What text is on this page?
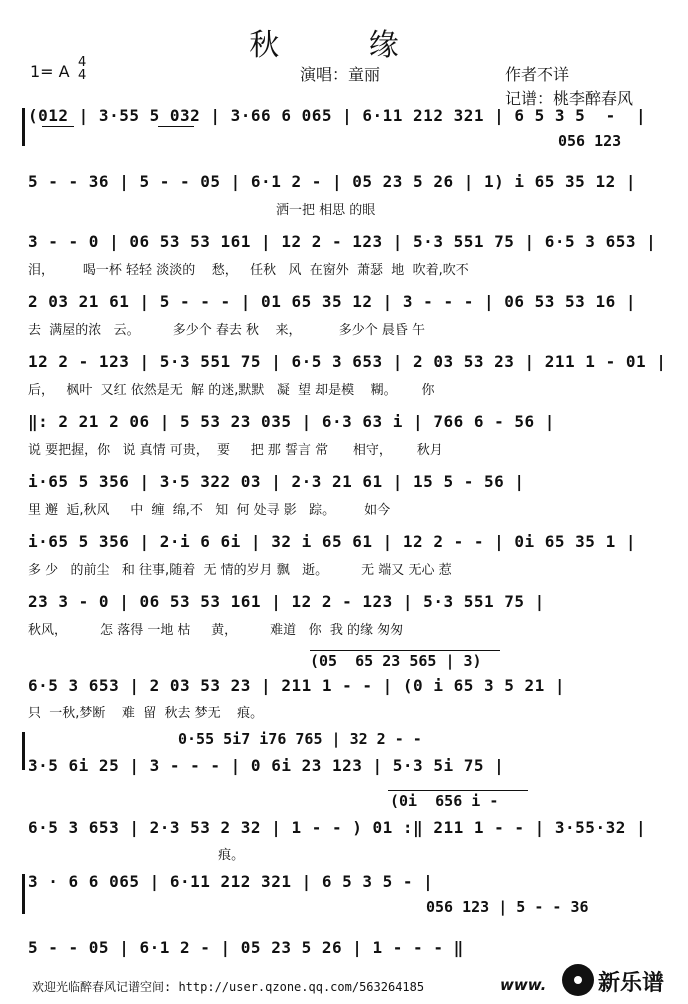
秋 缘
1= A 4
4	演唱：童丽	作者不详
记谱：桃李醉春风
(012 | 3·55 5 032 | 3·66 6 065 | 6·11 212 321 | 6 5 3 5  -  |
056 123
5 - - 36 | 5 - - 05 | 6·1 2 - | 05 23 5 26 | 1) i 65 35 12 |
洒一把 相思 的眼
3 - - 0 | 06 53 53 161 | 12 2 - 123 | 5·3 551 75 | 6·5 3 653 |
泪，       喝一杯 轻轻 淡淡的    愁，   任秋   风  在窗外  萧瑟  地  吹着,吹不
2 03 21 61 | 5 - - - | 01 65 35 12 | 3 - - - | 06 53 53 16 |
去  满屋的浓   云。        多少个 春去 秋    来，         多少个 晨昏 午
12 2 - 123 | 5·3 551 75 | 6·5 3 653 | 2 03 53 23 | 211 1 - 01 |
后，   枫叶  又红 依然是无  解 的迷,默默   凝  望 却是模    糊。      你
‖: 2 21 2 06 | 5 53 23 035 | 6·3 63 i | 766 6 - 56 |
说 要把握，你   说 真情 可贵，  要     把 那 誓言 常      相守，      秋月
i·65 5 356 | 3·5 322 03 | 2·3 21 61 | 15 5 - 56 |
里 邂  逅,秋风     中  缠  绵,不   知  何 处寻 影   踪。       如今
i·65 5 356 | 2·i 6 6i | 32 i 65 61 | 12 2 - - | 0i 65 35 1 |
多 少   的前尘   和 往事,随着  无 情的岁月 飘   逝。        无 端又 无心 惹
23 3 - 0 | 06 53 53 161 | 12 2 - 123 | 5·3 551 75 |
秋风，        怎 落得 一地 枯     黄，        难道   你  我 的缘 匆匆
(05  65 23 565 | 3)
6·5 3 653 | 2 03 53 23 | 211 1 - - | (0 i 65 3 5 21 |
只  一秋,梦断    难  留  秋去 梦无    痕。
0·55 5i7 i76 765 | 32 2 - -
3·5 6i 25 | 3 - - - | 0 6i 23 123 | 5·3 5i 75 |
(0i  656 i -
6·5 3 653 | 2·3 53 2 32 | 1 - - ) 01 :‖ 211 1 - - | 3·55·32 |
痕。
3 · 6 6 065 | 6·11 212 321 | 6 5 3 5 - |
056 123 | 5 - - 36
5 - - 05 | 6·1 2 - | 05 23 5 26 | 1 - - - ‖
欢迎光临醉春风记谱空间: http://user.qzone.qq.com/563264185	www. 新乐谱
